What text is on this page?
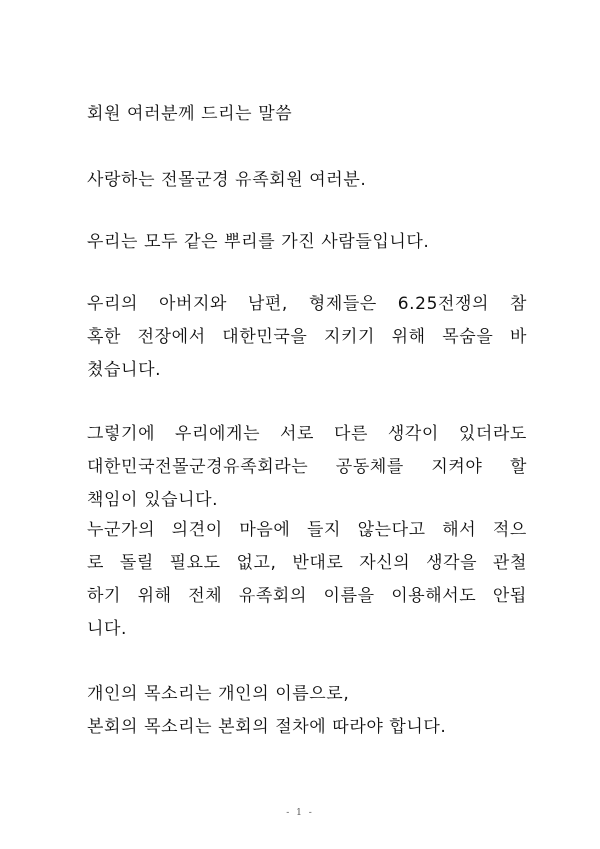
회원 여러분께 드리는 말씀
사랑하는 전몰군경 유족회원 여러분.
우리는 모두 같은 뿌리를 가진 사람들입니다.
우리의 아버지와 남편, 형제들은 6.25전쟁의 참
혹한 전장에서 대한민국을 지키기 위해 목숨을 바
쳤습니다.
그렇기에 우리에게는 서로 다른 생각이 있더라도
대한민국전몰군경유족회라는 공동체를 지켜야 할
책임이 있습니다.
누군가의 의견이 마음에 들지 않는다고 해서 적으
로 돌릴 필요도 없고, 반대로 자신의 생각을 관철
하기 위해 전체 유족회의 이름을 이용해서도 안됩
니다.
개인의 목소리는 개인의 이름으로,
본회의 목소리는 본회의 절차에 따라야 합니다.
- 1 -
